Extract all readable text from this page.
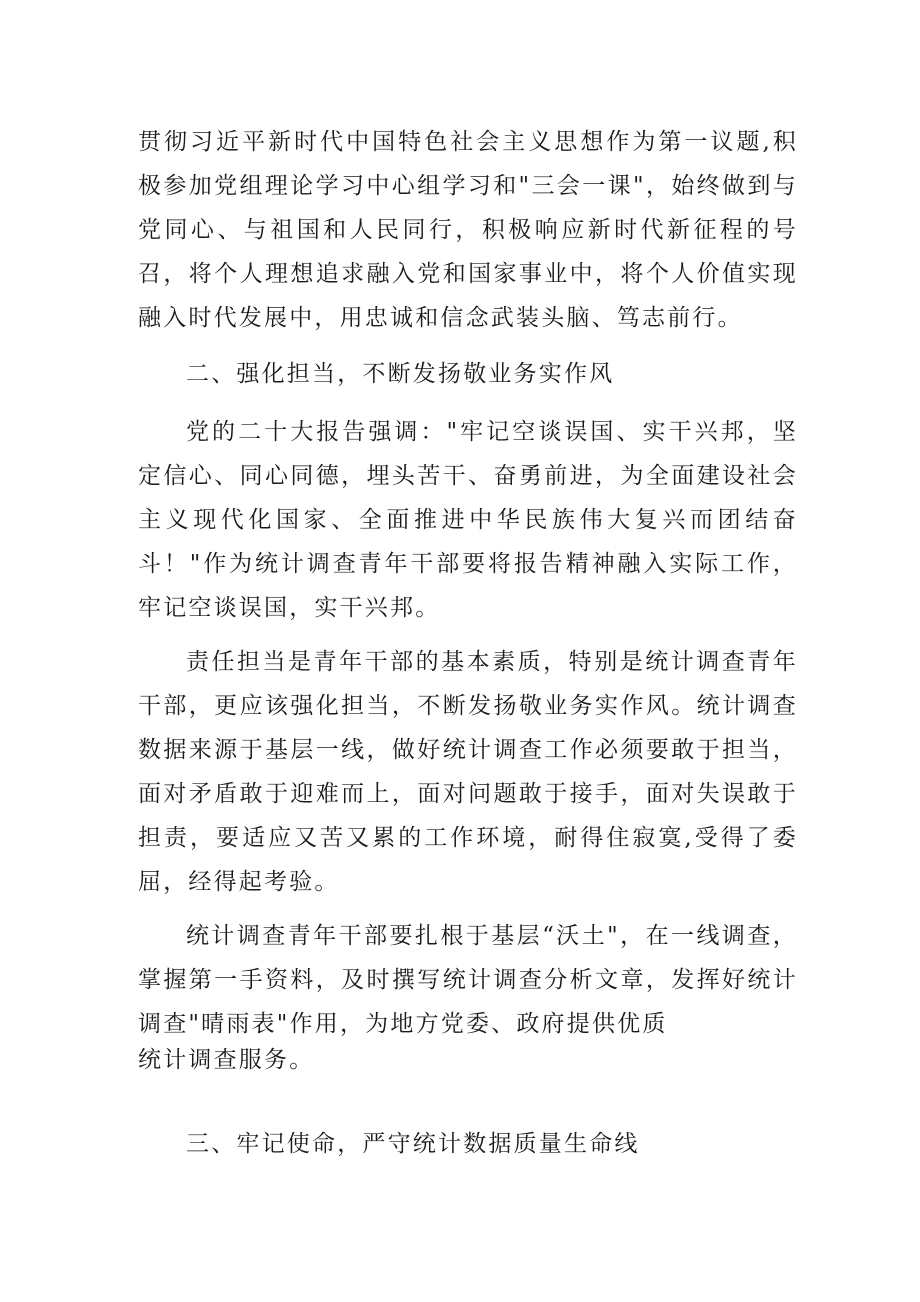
贯彻习近平新时代中国特色社会主义思想作为第一议题,积极参加党组理论学习中心组学习和"三会一课"，始终做到与党同心、与祖国和人民同行，积极响应新时代新征程的号召，将个人理想追求融入党和国家事业中，将个人价值实现融入时代发展中，用忠诚和信念武装头脑、笃志前行。
二、强化担当，不断发扬敬业务实作风
党的二十大报告强调："牢记空谈误国、实干兴邦，坚定信心、同心同德，埋头苦干、奋勇前进，为全面建设社会主义现代化国家、全面推进中华民族伟大复兴而团结奋斗！"作为统计调查青年干部要将报告精神融入实际工作，牢记空谈误国，实干兴邦。
责任担当是青年干部的基本素质，特别是统计调查青年干部，更应该强化担当，不断发扬敬业务实作风。统计调查数据来源于基层一线，做好统计调查工作必须要敢于担当，面对矛盾敢于迎难而上，面对问题敢于接手，面对失误敢于担责，要适应又苦又累的工作环境，耐得住寂寞,受得了委屈，经得起考验。
统计调查青年干部要扎根于基层“沃土"，在一线调查，掌握第一手资料，及时撰写统计调查分析文章，发挥好统计调查"晴雨表"作用，为地方党委、政府提供优质
统计调查服务。
三、牢记使命，严守统计数据质量生命线
